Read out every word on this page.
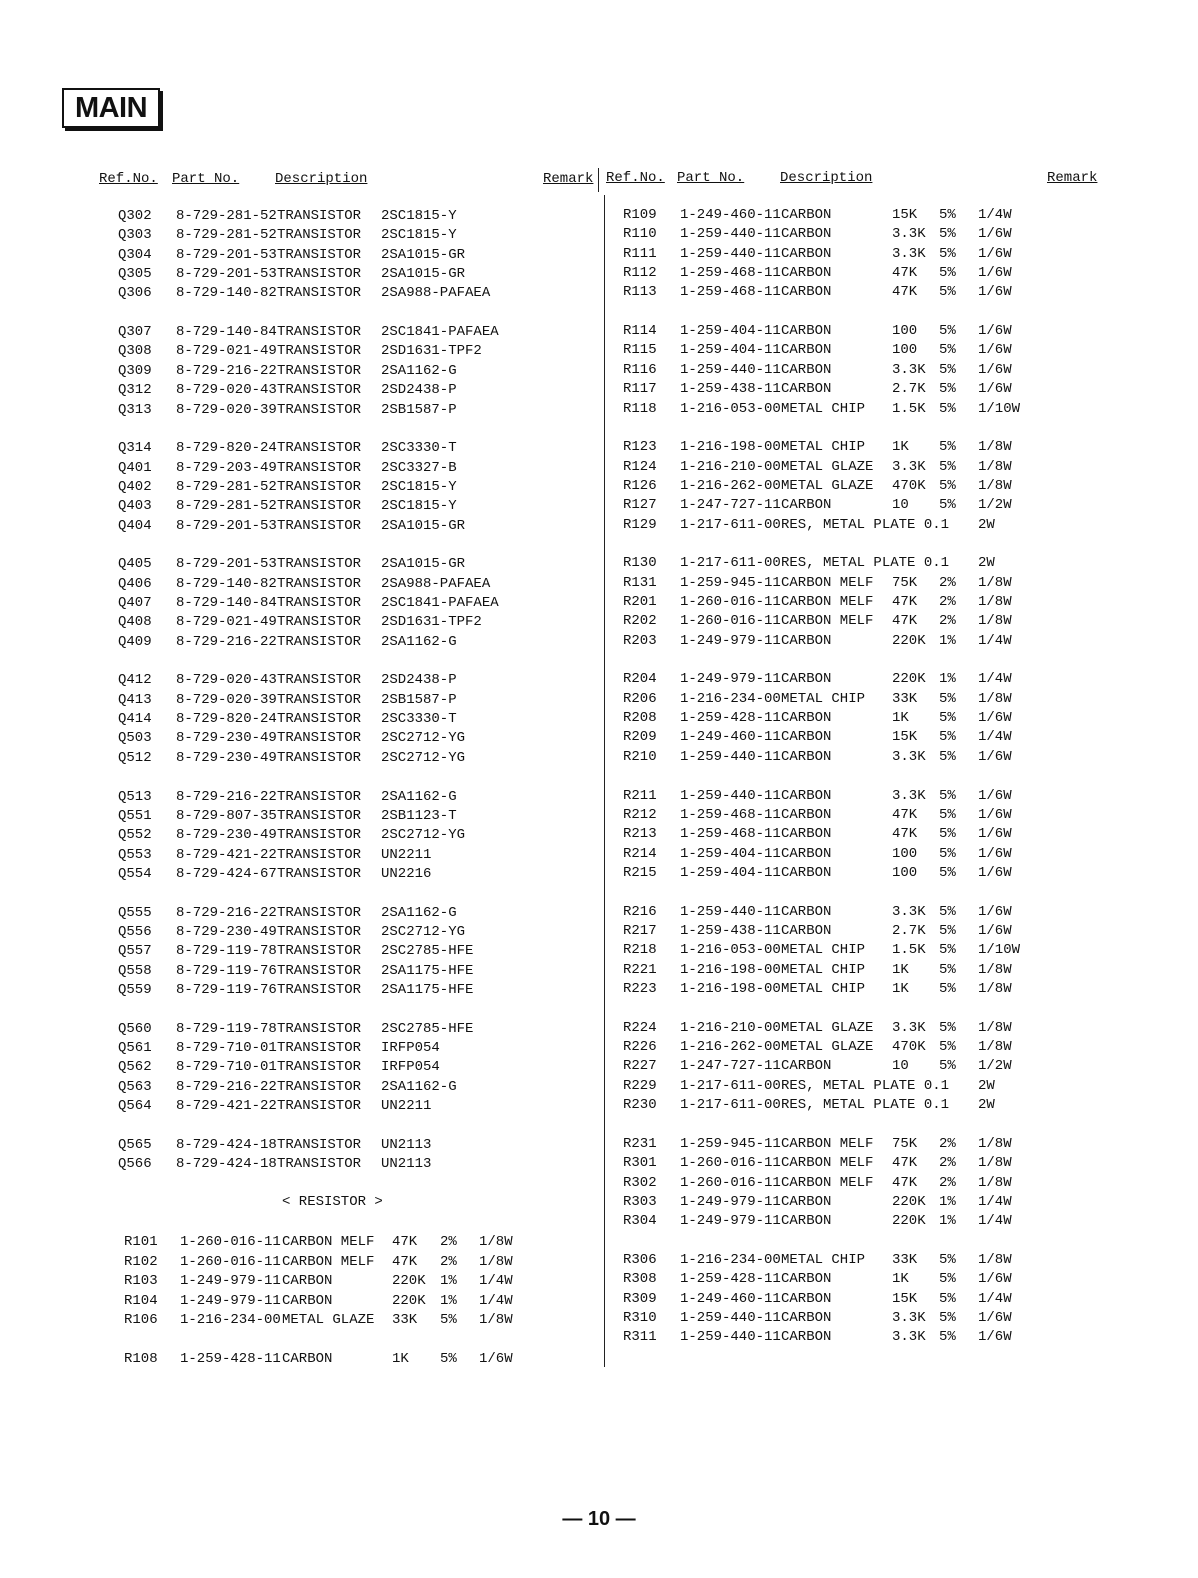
MAIN
Ref.No. Part No.	Description	Remark Ref.No. Part No.	Description	Remark
Q302 8-729-281-52 TRANSISTOR 2SC1815-Y
Q303 8-729-281-52 TRANSISTOR 2SC1815-Y
Q304 8-729-201-53 TRANSISTOR 2SA1015-GR
Q305 8-729-201-53 TRANSISTOR 2SA1015-GR
Q306 8-729-140-82 TRANSISTOR 2SA988-PAFAEA
Q307 8-729-140-84 TRANSISTOR 2SC1841-PAFAEA
Q308 8-729-021-49 TRANSISTOR 2SD1631-TPF2
Q309 8-729-216-22 TRANSISTOR 2SA1162-G
Q312 8-729-020-43 TRANSISTOR 2SD2438-P
Q313 8-729-020-39 TRANSISTOR 2SB1587-P
Q314 8-729-820-24 TRANSISTOR 2SC3330-T
Q401 8-729-203-49 TRANSISTOR 2SC3327-B
Q402 8-729-281-52 TRANSISTOR 2SC1815-Y
Q403 8-729-281-52 TRANSISTOR 2SC1815-Y
Q404 8-729-201-53 TRANSISTOR 2SA1015-GR
Q405 8-729-201-53 TRANSISTOR 2SA1015-GR
Q406 8-729-140-82 TRANSISTOR 2SA988-PAFAEA
Q407 8-729-140-84 TRANSISTOR 2SC1841-PAFAEA
Q408 8-729-021-49 TRANSISTOR 2SD1631-TPF2
Q409 8-729-216-22 TRANSISTOR 2SA1162-G
Q412 8-729-020-43 TRANSISTOR 2SD2438-P
Q413 8-729-020-39 TRANSISTOR 2SB1587-P
Q414 8-729-820-24 TRANSISTOR 2SC3330-T
Q503 8-729-230-49 TRANSISTOR 2SC2712-YG
Q512 8-729-230-49 TRANSISTOR 2SC2712-YG
Q513 8-729-216-22 TRANSISTOR 2SA1162-G
Q551 8-729-807-35 TRANSISTOR 2SB1123-T
Q552 8-729-230-49 TRANSISTOR 2SC2712-YG
Q553 8-729-421-22 TRANSISTOR UN2211
Q554 8-729-424-67 TRANSISTOR UN2216
Q555 8-729-216-22 TRANSISTOR 2SA1162-G
Q556 8-729-230-49 TRANSISTOR 2SC2712-YG
Q557 8-729-119-78 TRANSISTOR 2SC2785-HFE
Q558 8-729-119-76 TRANSISTOR 2SA1175-HFE
Q559 8-729-119-76 TRANSISTOR 2SA1175-HFE
Q560 8-729-119-78 TRANSISTOR 2SC2785-HFE
Q561 8-729-710-01 TRANSISTOR IRFP054
Q562 8-729-710-01 TRANSISTOR IRFP054
Q563 8-729-216-22 TRANSISTOR 2SA1162-G
Q564 8-729-421-22 TRANSISTOR UN2211
Q565 8-729-424-18 TRANSISTOR UN2113
Q566 8-729-424-18 TRANSISTOR UN2113
< RESISTOR >
R101 1-260-016-11 CARBON MELF 47K 2% 1/8W
R102 1-260-016-11 CARBON MELF 47K 2% 1/8W
R103 1-249-979-11 CARBON	220K 1% 1/4W
R104 1-249-979-11 CARBON	220K 1% 1/4W
R106 1-216-234-00 METAL GLAZE 33K 5% 1/8W
R108 1-259-428-11 CARBON	1K 5% 1/6W
R109 1-249-460-11 CARBON	15K 5% 1/4W
R110 1-259-440-11 CARBON	3.3K 5% 1/6W
R111 1-259-440-11 CARBON	3.3K 5% 1/6W
R112 1-259-468-11 CARBON	47K 5% 1/6W
R113 1-259-468-11 CARBON	47K 5% 1/6W
R114 1-259-404-11 CARBON	100 5% 1/6W
R115 1-259-404-11 CARBON	100 5% 1/6W
R116 1-259-440-11 CARBON	3.3K 5% 1/6W
R117 1-259-438-11 CARBON	2.7K 5% 1/6W
R118 1-216-053-00 METAL CHIP 1.5K 5% 1/10W
R123 1-216-198-00 METAL CHIP 1K 5% 1/8W
R124 1-216-210-00 METAL GLAZE 3.3K 5% 1/8W
R126 1-216-262-00 METAL GLAZE 470K 5% 1/8W
R127 1-247-727-11 CARBON	10 5% 1/2W
R129 1-217-611-00 RES, METAL PLATE 0.1 2W
R130 1-217-611-00 RES, METAL PLATE 0.1 2W
R131 1-259-945-11 CARBON MELF 75K 2% 1/8W
R201 1-260-016-11 CARBON MELF 47K 2% 1/8W
R202 1-260-016-11 CARBON MELF 47K 2% 1/8W
R203 1-249-979-11 CARBON	220K 1% 1/4W
R204 1-249-979-11 CARBON	220K 1% 1/4W
R206 1-216-234-00 METAL CHIP 33K 5% 1/8W
R208 1-259-428-11 CARBON	1K 5% 1/6W
R209 1-249-460-11 CARBON	15K 5% 1/4W
R210 1-259-440-11 CARBON	3.3K 5% 1/6W
R211 1-259-440-11 CARBON	3.3K 5% 1/6W
R212 1-259-468-11 CARBON	47K 5% 1/6W
R213 1-259-468-11 CARBON	47K 5% 1/6W
R214 1-259-404-11 CARBON	100 5% 1/6W
R215 1-259-404-11 CARBON	100 5% 1/6W
R216 1-259-440-11 CARBON	3.3K 5% 1/6W
R217 1-259-438-11 CARBON	2.7K 5% 1/6W
R218 1-216-053-00 METAL CHIP 1.5K 5% 1/10W
R221 1-216-198-00 METAL CHIP 1K 5% 1/8W
R223 1-216-198-00 METAL CHIP 1K 5% 1/8W
R224 1-216-210-00 METAL GLAZE 3.3K 5% 1/8W
R226 1-216-262-00 METAL GLAZE 470K 5% 1/8W
R227 1-247-727-11 CARBON	10 5% 1/2W
R229 1-217-611-00 RES, METAL PLATE 0.1 2W
R230 1-217-611-00 RES, METAL PLATE 0.1 2W
R231 1-259-945-11 CARBON MELF 75K 2% 1/8W
R301 1-260-016-11 CARBON MELF 47K 2% 1/8W
R302 1-260-016-11 CARBON MELF 47K 2% 1/8W
R303 1-249-979-11 CARBON	220K 1% 1/4W
R304 1-249-979-11 CARBON	220K 1% 1/4W
R306 1-216-234-00 METAL CHIP 33K 5% 1/8W
R308 1-259-428-11 CARBON	1K 5% 1/6W
R309 1-249-460-11 CARBON	15K 5% 1/4W
R310 1-259-440-11 CARBON	3.3K 5% 1/6W
R311 1-259-440-11 CARBON	3.3K 5% 1/6W
— 10 —
